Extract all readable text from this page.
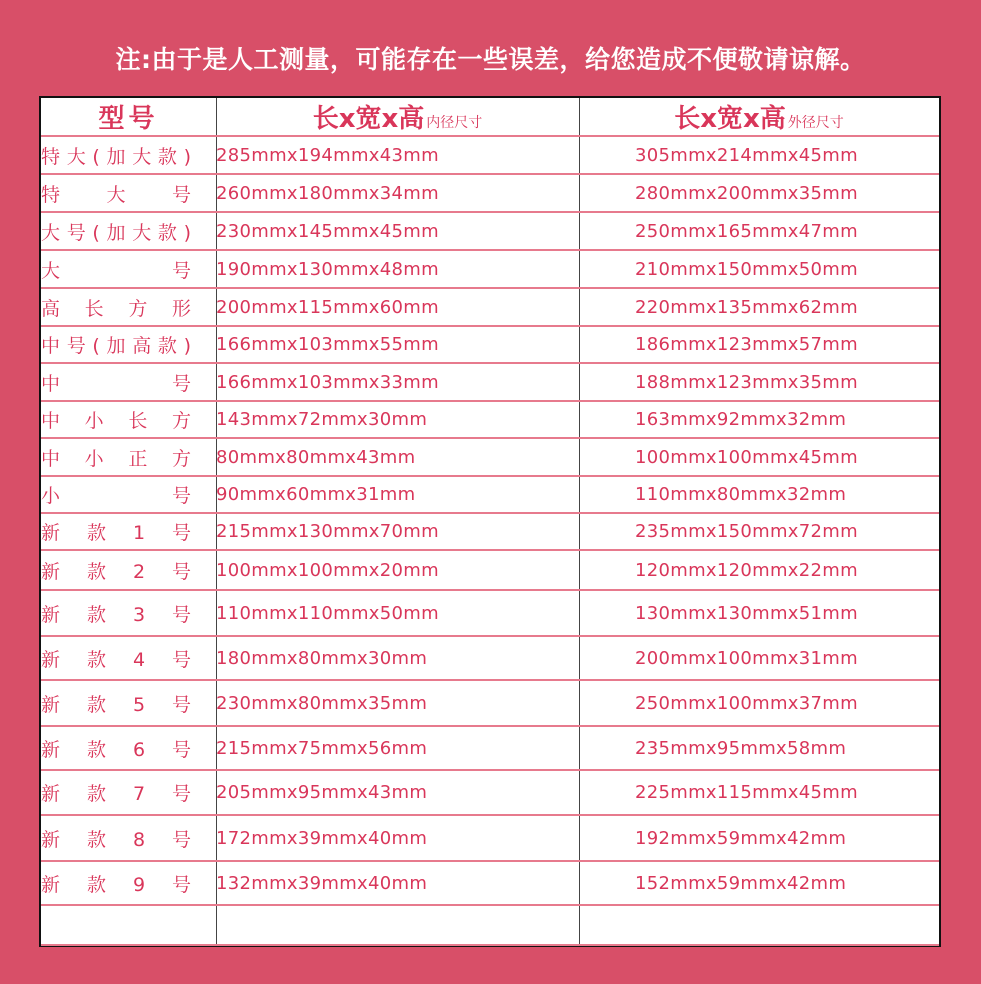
注:由于是人工测量，可能存在一些误差，给您造成不便敬请谅解。
型号	长x宽x高 内径尺寸	长x宽x高 外径尺寸
特大(加大款)	285mmx194mmx43mm	305mmx214mmx45mm
特 大 号	260mmx180mmx34mm	280mmx200mmx35mm
大号(加大款)	230mmx145mmx45mm	250mmx165mmx47mm
大 号	190mmx130mmx48mm	210mmx150mmx50mm
高长方形	200mmx115mmx60mm	220mmx135mmx62mm
中号(加高款)	166mmx103mmx55mm	186mmx123mmx57mm
中 号	166mmx103mmx33mm	188mmx123mmx35mm
中小长方	143mmx72mmx30mm	163mmx92mmx32mm
中小正方	80mmx80mmx43mm	100mmx100mmx45mm
小 号	90mmx60mmx31mm	110mmx80mmx32mm
新款1号	215mmx130mmx70mm	235mmx150mmx72mm
新款2号	100mmx100mmx20mm	120mmx120mmx22mm
新款3号	110mmx110mmx50mm	130mmx130mmx51mm
新款4号	180mmx80mmx30mm	200mmx100mmx31mm
新款5号	230mmx80mmx35mm	250mmx100mmx37mm
新款6号	215mmx75mmx56mm	235mmx95mmx58mm
新款7号	205mmx95mmx43mm	225mmx115mmx45mm
新款8号	172mmx39mmx40mm	192mmx59mmx42mm
新款9号	132mmx39mmx40mm	152mmx59mmx42mm
